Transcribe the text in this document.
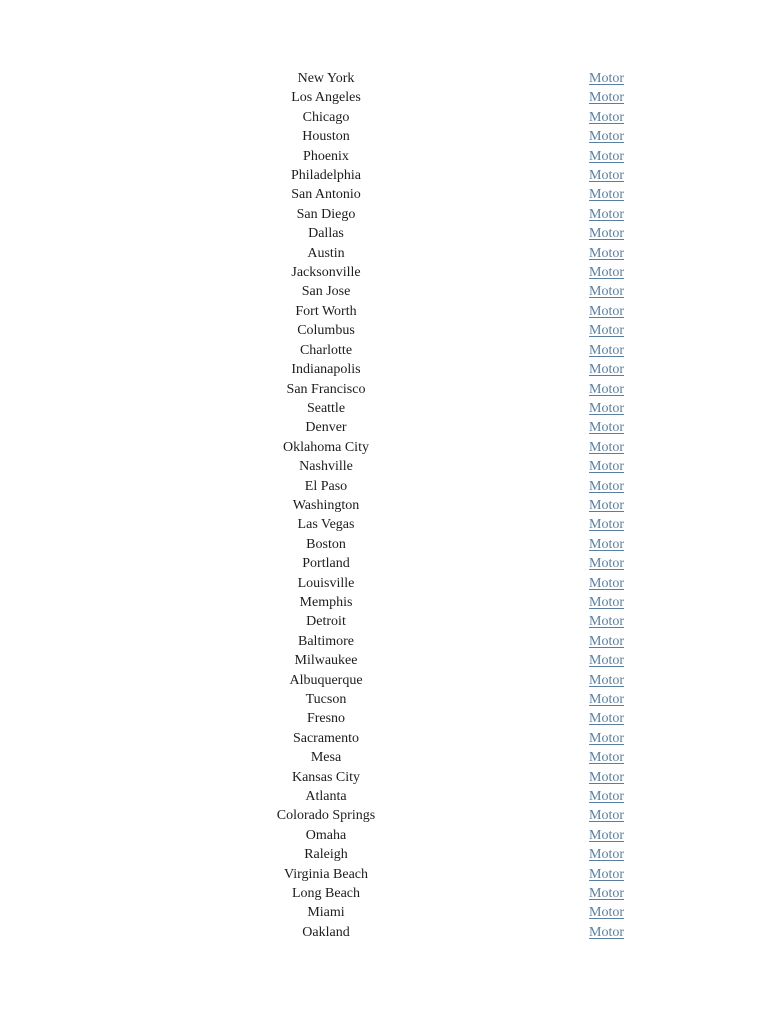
New York	Motor
Los Angeles	Motor
Chicago	Motor
Houston	Motor
Phoenix	Motor
Philadelphia	Motor
San Antonio	Motor
San Diego	Motor
Dallas	Motor
Austin	Motor
Jacksonville	Motor
San Jose	Motor
Fort Worth	Motor
Columbus	Motor
Charlotte	Motor
Indianapolis	Motor
San Francisco	Motor
Seattle	Motor
Denver	Motor
Oklahoma City	Motor
Nashville	Motor
El Paso	Motor
Washington	Motor
Las Vegas	Motor
Boston	Motor
Portland	Motor
Louisville	Motor
Memphis	Motor
Detroit	Motor
Baltimore	Motor
Milwaukee	Motor
Albuquerque	Motor
Tucson	Motor
Fresno	Motor
Sacramento	Motor
Mesa	Motor
Kansas City	Motor
Atlanta	Motor
Colorado Springs	Motor
Omaha	Motor
Raleigh	Motor
Virginia Beach	Motor
Long Beach	Motor
Miami	Motor
Oakland	Motor
